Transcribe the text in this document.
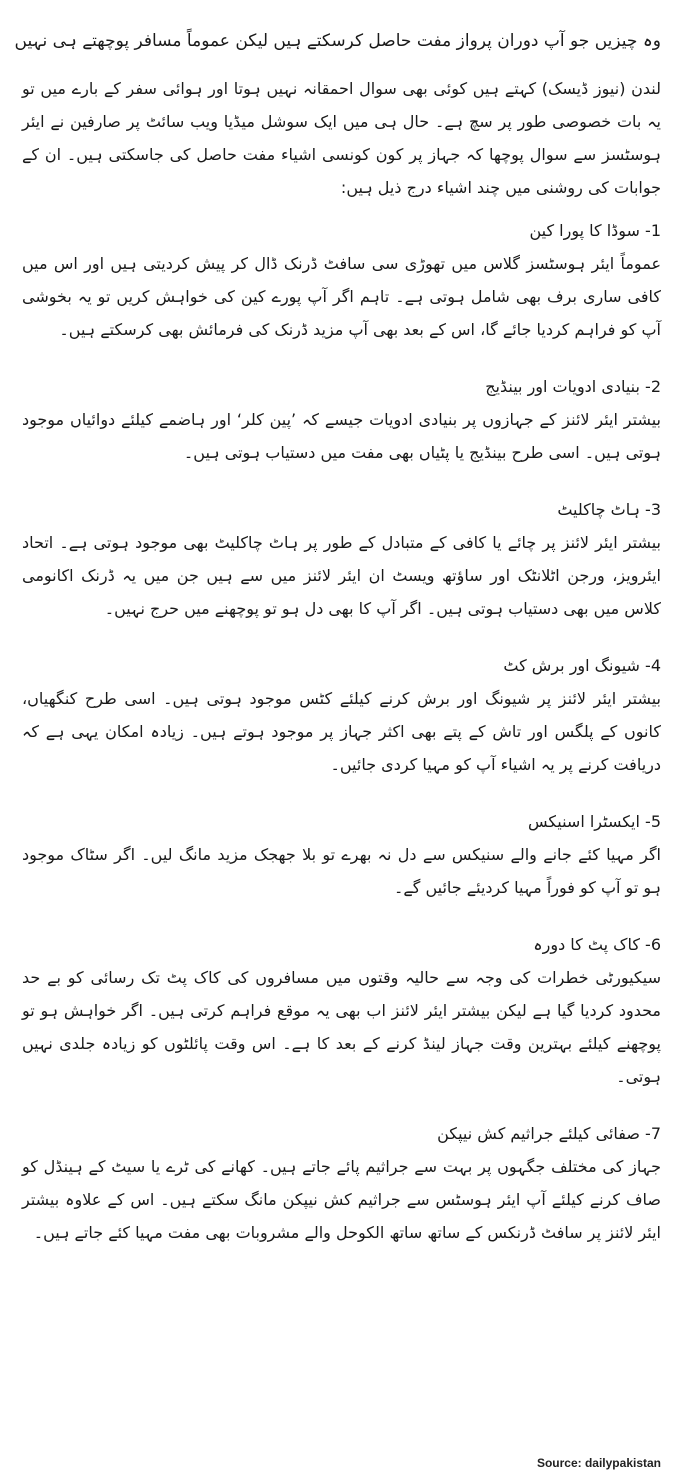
وہ چیزیں جو آپ دوران پرواز مفت حاصل کرسکتے ہیں لیکن عموماً مسافر پوچھتے ہی نہیں

لندن (نیوز ڈیسک) کہتے ہیں کوئی بھی سوال احمقانہ نہیں ہوتا اور ہوائی سفر کے بارے میں تو یہ بات خصوصی طور پر سچ ہے۔ حال ہی میں ایک سوشل میڈیا ویب سائٹ پر صارفین نے ایئر ہوسٹسز سے سوال پوچھا کہ جہاز پر کون کونسی اشیاء مفت حاصل کی جاسکتی ہیں۔ ان کے جوابات کی روشنی میں چند اشیاء درج ذیل ہیں:

1- سوڈا کا پورا کین

عموماً ایئر ہوسٹسز گلاس میں تھوڑی سی سافٹ ڈرنک ڈال کر پیش کردیتی ہیں اور اس میں کافی ساری برف بھی شامل ہوتی ہے۔ تاہم اگر آپ پورے کین کی خواہش کریں تو یہ بخوشی آپ کو فراہم کردیا جائے گا، اس کے بعد بھی آپ مزید ڈرنک کی فرمائش بھی کرسکتے ہیں۔

2- بنیادی ادویات اور بینڈیج

بیشتر ایئر لائنز کے جہازوں پر بنیادی ادویات جیسے کہ ’پین کلر‘ اور ہاضمے کیلئے دوائیاں موجود ہوتی ہیں۔ اسی طرح بینڈیج یا پٹیاں بھی مفت میں دستیاب ہوتی ہیں۔

3- ہاٹ چاکلیٹ

بیشتر ایئر لائنز پر چائے یا کافی کے متبادل کے طور پر ہاٹ چاکلیٹ بھی موجود ہوتی ہے۔ اتحاد ایئرویز، ورجن اٹلانٹک اور ساؤتھ ویسٹ ان ایئر لائنز میں سے ہیں جن میں یہ ڈرنک اکانومی کلاس میں بھی دستیاب ہوتی ہیں۔ اگر آپ کا بھی دل ہو تو پوچھنے میں حرج نہیں۔

4- شیونگ اور برش کٹ

بیشتر ایئر لائنز پر شیونگ اور برش کرنے کیلئے کٹس موجود ہوتی ہیں۔ اسی طرح کنگھیاں، کانوں کے پلگس اور تاش کے پتے بھی اکثر جہاز پر موجود ہوتے ہیں۔ زیادہ امکان یہی ہے کہ دریافت کرنے پر یہ اشیاء آپ کو مہیا کردی جائیں۔

5- ایکسٹرا اسنیکس

اگر مہیا کئے جانے والے سنیکس سے دل نہ بھرے تو بلا جھجک مزید مانگ لیں۔ اگر سٹاک موجود ہو تو آپ کو فوراً مہیا کردیئے جائیں گے۔

6- کاک پٹ کا دورہ

سیکیورٹی خطرات کی وجہ سے حالیہ وقتوں میں مسافروں کی کاک پٹ تک رسائی کو بے حد محدود کردیا گیا ہے لیکن بیشتر ایئر لائنز اب بھی یہ موقع فراہم کرتی ہیں۔ اگر خواہش ہو تو پوچھنے کیلئے بہترین وقت جہاز لینڈ کرنے کے بعد کا ہے۔ اس وقت پائلٹوں کو زیادہ جلدی نہیں ہوتی۔

7- صفائی کیلئے جراثیم کش نیپکن

جہاز کی مختلف جگہوں پر بہت سے جراثیم پائے جاتے ہیں۔ کھانے کی ٹرے یا سیٹ کے ہینڈل کو صاف کرنے کیلئے آپ ایئر ہوسٹس سے جراثیم کش نیپکن مانگ سکتے ہیں۔ اس کے علاوہ بیشتر ایئر لائنز پر سافٹ ڈرنکس کے ساتھ ساتھ الکوحل والے مشروبات بھی مفت مہیا کئے جاتے ہیں۔

Source: dailypakistan
